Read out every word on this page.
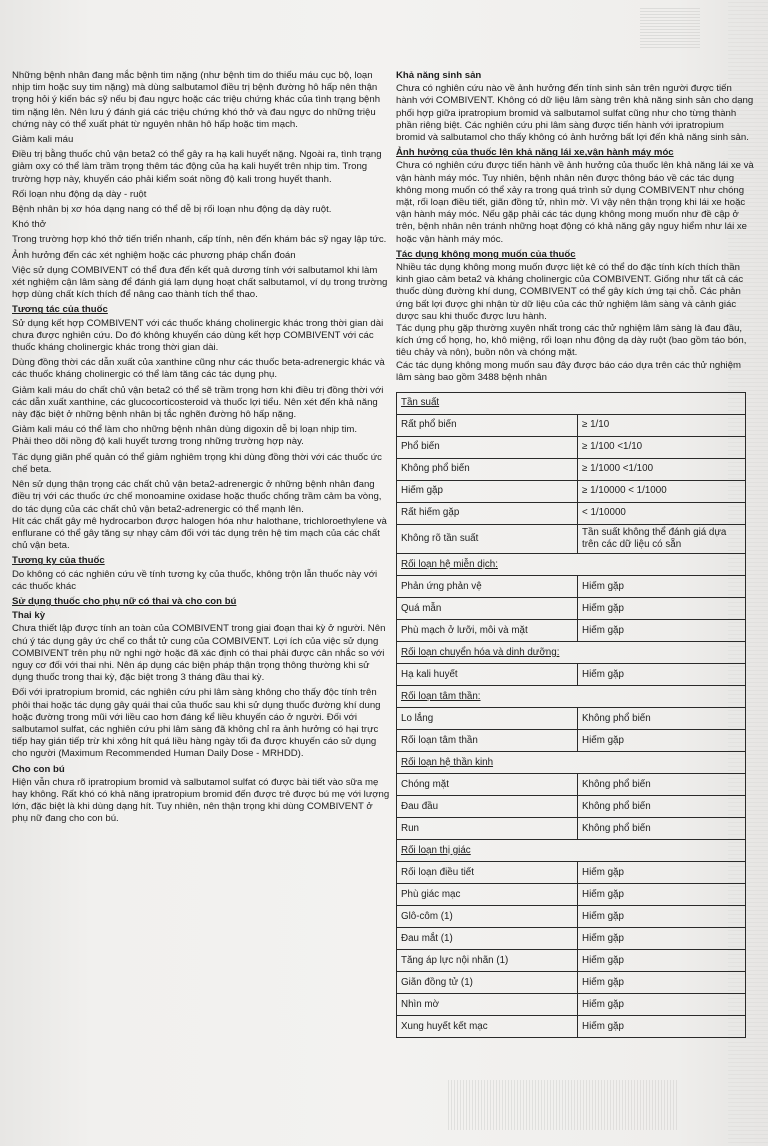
Những bệnh nhân đang mắc bệnh tim nặng (như bệnh tim do thiếu máu cục bộ, loạn nhịp tim hoặc suy tim nặng) mà dùng salbutamol điều trị bệnh đường hô hấp nên thận trọng hỏi ý kiến bác sỹ nếu bị đau ngực hoặc các triệu chứng khác của tình trạng bệnh tim nặng lên. Nên lưu ý đánh giá các triệu chứng khó thở và đau ngực do những triệu chứng này có thể xuất phát từ nguyên nhân hô hấp hoặc tim mạch.

Giảm kali máu

Điều trị bằng thuốc chủ vận beta2 có thể gây ra hạ kali huyết nặng. Ngoài ra, tình trạng giảm oxy có thể làm trầm trọng thêm tác động của hạ kali huyết trên nhịp tim. Trong trường hợp này, khuyến cáo phải kiểm soát nồng độ kali trong huyết thanh.

Rối loạn nhu động dạ dày - ruột

Bệnh nhân bị xơ hóa dạng nang có thể dễ bị rối loạn nhu động dạ dày ruột.

Khó thở

Trong trường hợp khó thở tiến triển nhanh, cấp tính, nên đến khám bác sỹ ngay lập tức.

Ảnh hưởng đến các xét nghiệm hoặc các phương pháp chẩn đoán

Việc sử dụng COMBIVENT có thể đưa đến kết quả dương tính với salbutamol khi làm xét nghiệm cận lâm sàng để đánh giá lạm dụng hoạt chất salbutamol, ví dụ trong trường hợp dùng chất kích thích để nâng cao thành tích thể thao.

Tương tác của thuốc

Sử dụng kết hợp COMBIVENT với các thuốc kháng cholinergic khác trong thời gian dài chưa được nghiên cứu. Do đó không khuyến cáo dùng kết hợp COMBIVENT với các thuốc kháng cholinergic khác trong thời gian dài.

Dùng đồng thời các dẫn xuất của xanthine cũng như các thuốc beta-adrenergic khác và các thuốc kháng cholinergic có thể làm tăng các tác dụng phụ.

Giảm kali máu do chất chủ vận beta2 có thể sẽ trầm trọng hơn khi điều trị đồng thời với các dẫn xuất xanthine, các glucocorticosteroid và thuốc lợi tiểu. Nên xét đến khả năng này đặc biệt ở những bệnh nhân bị tắc nghẽn đường hô hấp nặng.

Giảm kali máu có thể làm cho những bệnh nhân dùng digoxin dễ bị loạn nhịp tim.

Phải theo dõi nồng độ kali huyết tương trong những trường hợp này.

Tác dụng giãn phế quản có thể giảm nghiêm trọng khi dùng đồng thời với các thuốc ức chế beta.

Nên sử dụng thận trọng các chất chủ vận beta2-adrenergic ở những bệnh nhân đang điều trị với các thuốc ức chế monoamine oxidase hoặc thuốc chống trầm cảm ba vòng, do tác dụng của các chất chủ vận beta2-adrenergic có thể mạnh lên.

Hít các chất gây mê hydrocarbon được halogen hóa như halothane, trichloroethylene và enflurane có thể gây tăng sự nhạy cảm đối với tác dụng trên hệ tim mạch của các chất chủ vận beta.

Tương kỵ của thuốc

Do không có các nghiên cứu về tính tương kỵ của thuốc, không trộn lẫn thuốc này với các thuốc khác

Sử dụng thuốc cho phụ nữ có thai và cho con bú
Thai kỳ

Chưa thiết lập được tính an toàn của COMBIVENT trong giai đoạn thai kỳ ở người. Nên chú ý tác dụng gây ức chế co thắt tử cung của COMBIVENT. Lợi ích của việc sử dụng COMBIVENT trên phụ nữ nghi ngờ hoặc đã xác định có thai phải được cân nhắc so với nguy cơ đối với thai nhi. Nên áp dụng các biện pháp thận trọng thông thường khi sử dụng thuốc trong thai kỳ, đặc biệt trong 3 tháng đầu thai kỳ.

Đối với ipratropium bromid, các nghiên cứu phi lâm sàng không cho thấy độc tính trên phôi thai hoặc tác dụng gây quái thai của thuốc sau khi sử dụng thuốc đường khí dung hoặc đường trong mũi với liều cao hơn đáng kể liều khuyến cáo ở người. Đối với salbutamol sulfat, các nghiên cứu phi lâm sàng đã không chỉ ra ảnh hưởng có hại trực tiếp hay gián tiếp trừ khi xông hít quá liều hàng ngày tối đa được khuyến cáo sử dụng cho người (Maximum Recommended Human Daily Dose - MRHDD).

Cho con bú

Hiện vẫn chưa rõ ipratropium bromid và salbutamol sulfat có được bài tiết vào sữa mẹ hay không. Rất khó có khả năng ipratropium bromid đến được trẻ được bú mẹ với lượng lớn, đặc biệt là khi dùng dạng hít. Tuy nhiên, nên thận trọng khi dùng COMBIVENT ở phụ nữ đang cho con bú.

Khả năng sinh sản

Chưa có nghiên cứu nào về ảnh hưởng đến tính sinh sản trên người được tiến hành với COMBIVENT. Không có dữ liệu lâm sàng trên khả năng sinh sản cho dạng phối hợp giữa ipratropium bromid và salbutamol sulfat cũng như cho từng thành phần riêng biệt. Các nghiên cứu phi lâm sàng được tiến hành với ipratropium bromid và salbutamol cho thấy không có ảnh hưởng bất lợi đến khả năng sinh sản.

Ảnh hưởng của thuốc lên khả năng lái xe,vận hành máy móc

Chưa có nghiên cứu được tiến hành về ảnh hưởng của thuốc lên khả năng lái xe và vận hành máy móc. Tuy nhiên, bệnh nhân nên được thông báo về các tác dụng không mong muốn có thể xảy ra trong quá trình sử dụng COMBIVENT như chóng mặt, rối loạn điều tiết, giãn đồng tử, nhìn mờ. Vì vậy nên thận trọng khi lái xe hoặc vận hành máy móc. Nếu gặp phải các tác dụng không mong muốn như đề cập ở trên, bệnh nhân nên tránh những hoạt động có khả năng gây nguy hiểm như lái xe hoặc vận hành máy móc.

Tác dụng không mong muốn của thuốc

Nhiều tác dụng không mong muốn được liệt kê có thể do đặc tính kích thích thần kinh giao cảm beta2 và kháng cholinergic của COMBIVENT. Giống như tất cả các thuốc dùng đường khí dung, COMBIVENT có thể gây kích ứng tại chỗ. Các phản ứng bất lợi được ghi nhận từ dữ liệu của các thử nghiệm lâm sàng và cảnh giác dược sau khi thuốc được lưu hành.

Tác dụng phụ gặp thường xuyên nhất trong các thử nghiệm lâm sàng là đau đầu, kích ứng cổ họng, ho, khô miệng, rối loạn nhu động dạ dày ruột (bao gồm táo bón, tiêu chảy và nôn), buồn nôn và chóng mặt.

Các tác dụng không mong muốn sau đây được báo cáo dựa trên các thử nghiệm lâm sàng bao gồm 3488 bệnh nhân

Tần suất	
Rất phổ biến	≥ 1/10
Phổ biến	≥ 1/100 <1/10
Không phổ biến	≥ 1/1000 <1/100
Hiếm gặp	≥ 1/10000 < 1/1000
Rất hiếm gặp	< 1/10000
Không rõ tần suất	Tần suất không thể đánh giá dựa trên các dữ liệu có sẵn
Rối loạn hệ miễn dịch:	
Phản ứng phản vệ	Hiếm gặp
Quá mẫn	Hiếm gặp
Phù mạch ở lưỡi, môi và mặt	Hiếm gặp
Rối loạn chuyển hóa và dinh dưỡng:	
Hạ kali huyết	Hiếm gặp
Rối loạn tâm thần:	
Lo lắng	Không phổ biến
Rối loạn tâm thần	Hiếm gặp
Rối loạn hệ thần kinh	
Chóng mặt	Không phổ biến
Đau đầu	Không phổ biến
Run	Không phổ biến
Rối loạn thị giác	
Rối loạn điều tiết	Hiếm gặp
Phù giác mạc	Hiếm gặp
Glô-côm (1)	Hiếm gặp
Đau mắt (1)	Hiếm gặp
Tăng áp lực nội nhãn (1)	Hiếm gặp
Giãn đồng tử (1)	Hiếm gặp
Nhìn mờ	Hiếm gặp
Xung huyết kết mạc	Hiếm gặp
